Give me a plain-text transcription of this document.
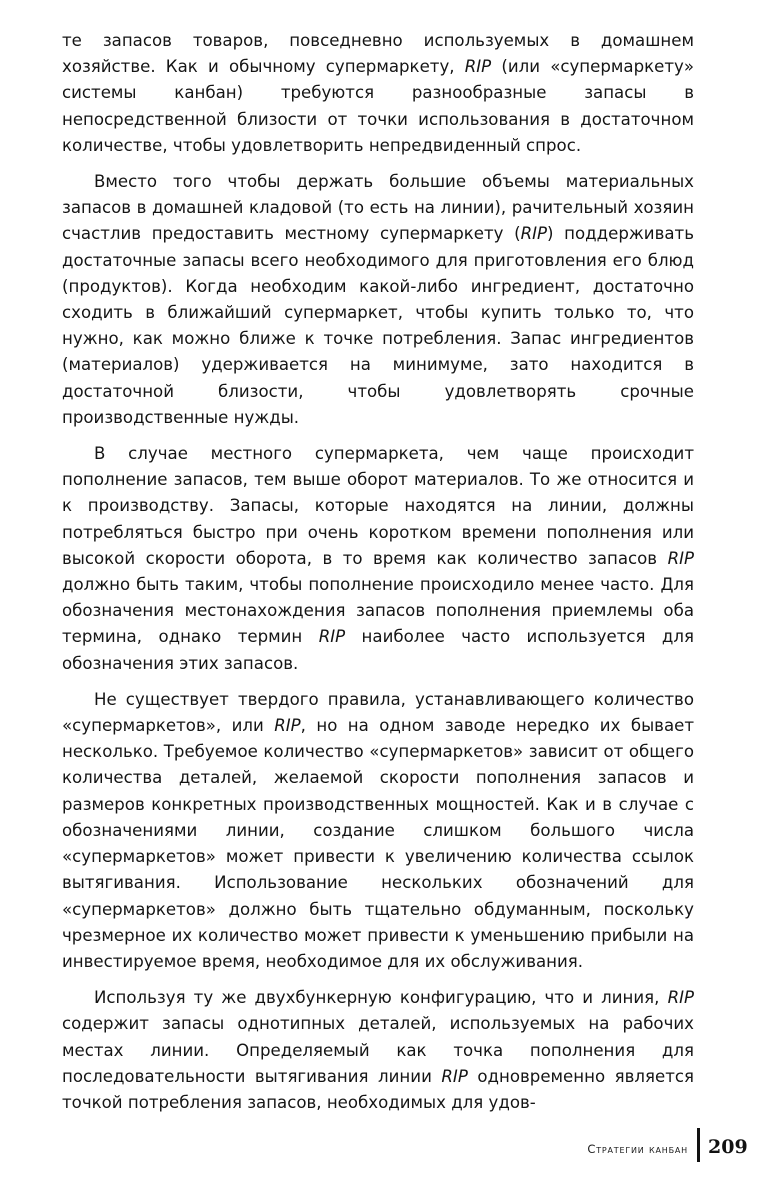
те запасов товаров, повседневно используемых в домашнем хозяйстве. Как и обычному супермаркету, RIP (или «супермаркету» системы канбан) требуются разнообразные запасы в непосредственной близости от точки использования в достаточном количестве, чтобы удовлетворить непредвиденный спрос.

Вместо того чтобы держать большие объемы материальных запасов в домашней кладовой (то есть на линии), рачительный хозяин счастлив предоставить местному супермаркету (RIP) поддерживать достаточные запасы всего необходимого для приготовления его блюд (продуктов). Когда необходим какой-либо ингредиент, достаточно сходить в ближайший супермаркет, чтобы купить только то, что нужно, как можно ближе к точке потребления. Запас ингредиентов (материалов) удерживается на минимуме, зато находится в достаточной близости, чтобы удовлетворять срочные производственные нужды.

В случае местного супермаркета, чем чаще происходит пополнение запасов, тем выше оборот материалов. То же относится и к производству. Запасы, которые находятся на линии, должны потребляться быстро при очень коротком времени пополнения или высокой скорости оборота, в то время как количество запасов RIP должно быть таким, чтобы пополнение происходило менее часто. Для обозначения местонахождения запасов пополнения приемлемы оба термина, однако термин RIP наиболее часто используется для обозначения этих запасов.

Не существует твердого правила, устанавливающего количество «супермаркетов», или RIP, но на одном заводе нередко их бывает несколько. Требуемое количество «супермаркетов» зависит от общего количества деталей, желаемой скорости пополнения запасов и размеров конкретных производственных мощностей. Как и в случае с обозначениями линии, создание слишком большого числа «супермаркетов» может привести к увеличению количества ссылок вытягивания. Использование нескольких обозначений для «супермаркетов» должно быть тщательно обдуманным, поскольку чрезмерное их количество может привести к уменьшению прибыли на инвестируемое время, необходимое для их обслуживания.

Используя ту же двухбункерную конфигурацию, что и линия, RIP содержит запасы однотипных деталей, используемых на рабочих местах линии. Определяемый как точка пополнения для последовательности вытягивания линии RIP одновременно является точкой потребления запасов, необходимых для удов-

Стратегии канбан 209
